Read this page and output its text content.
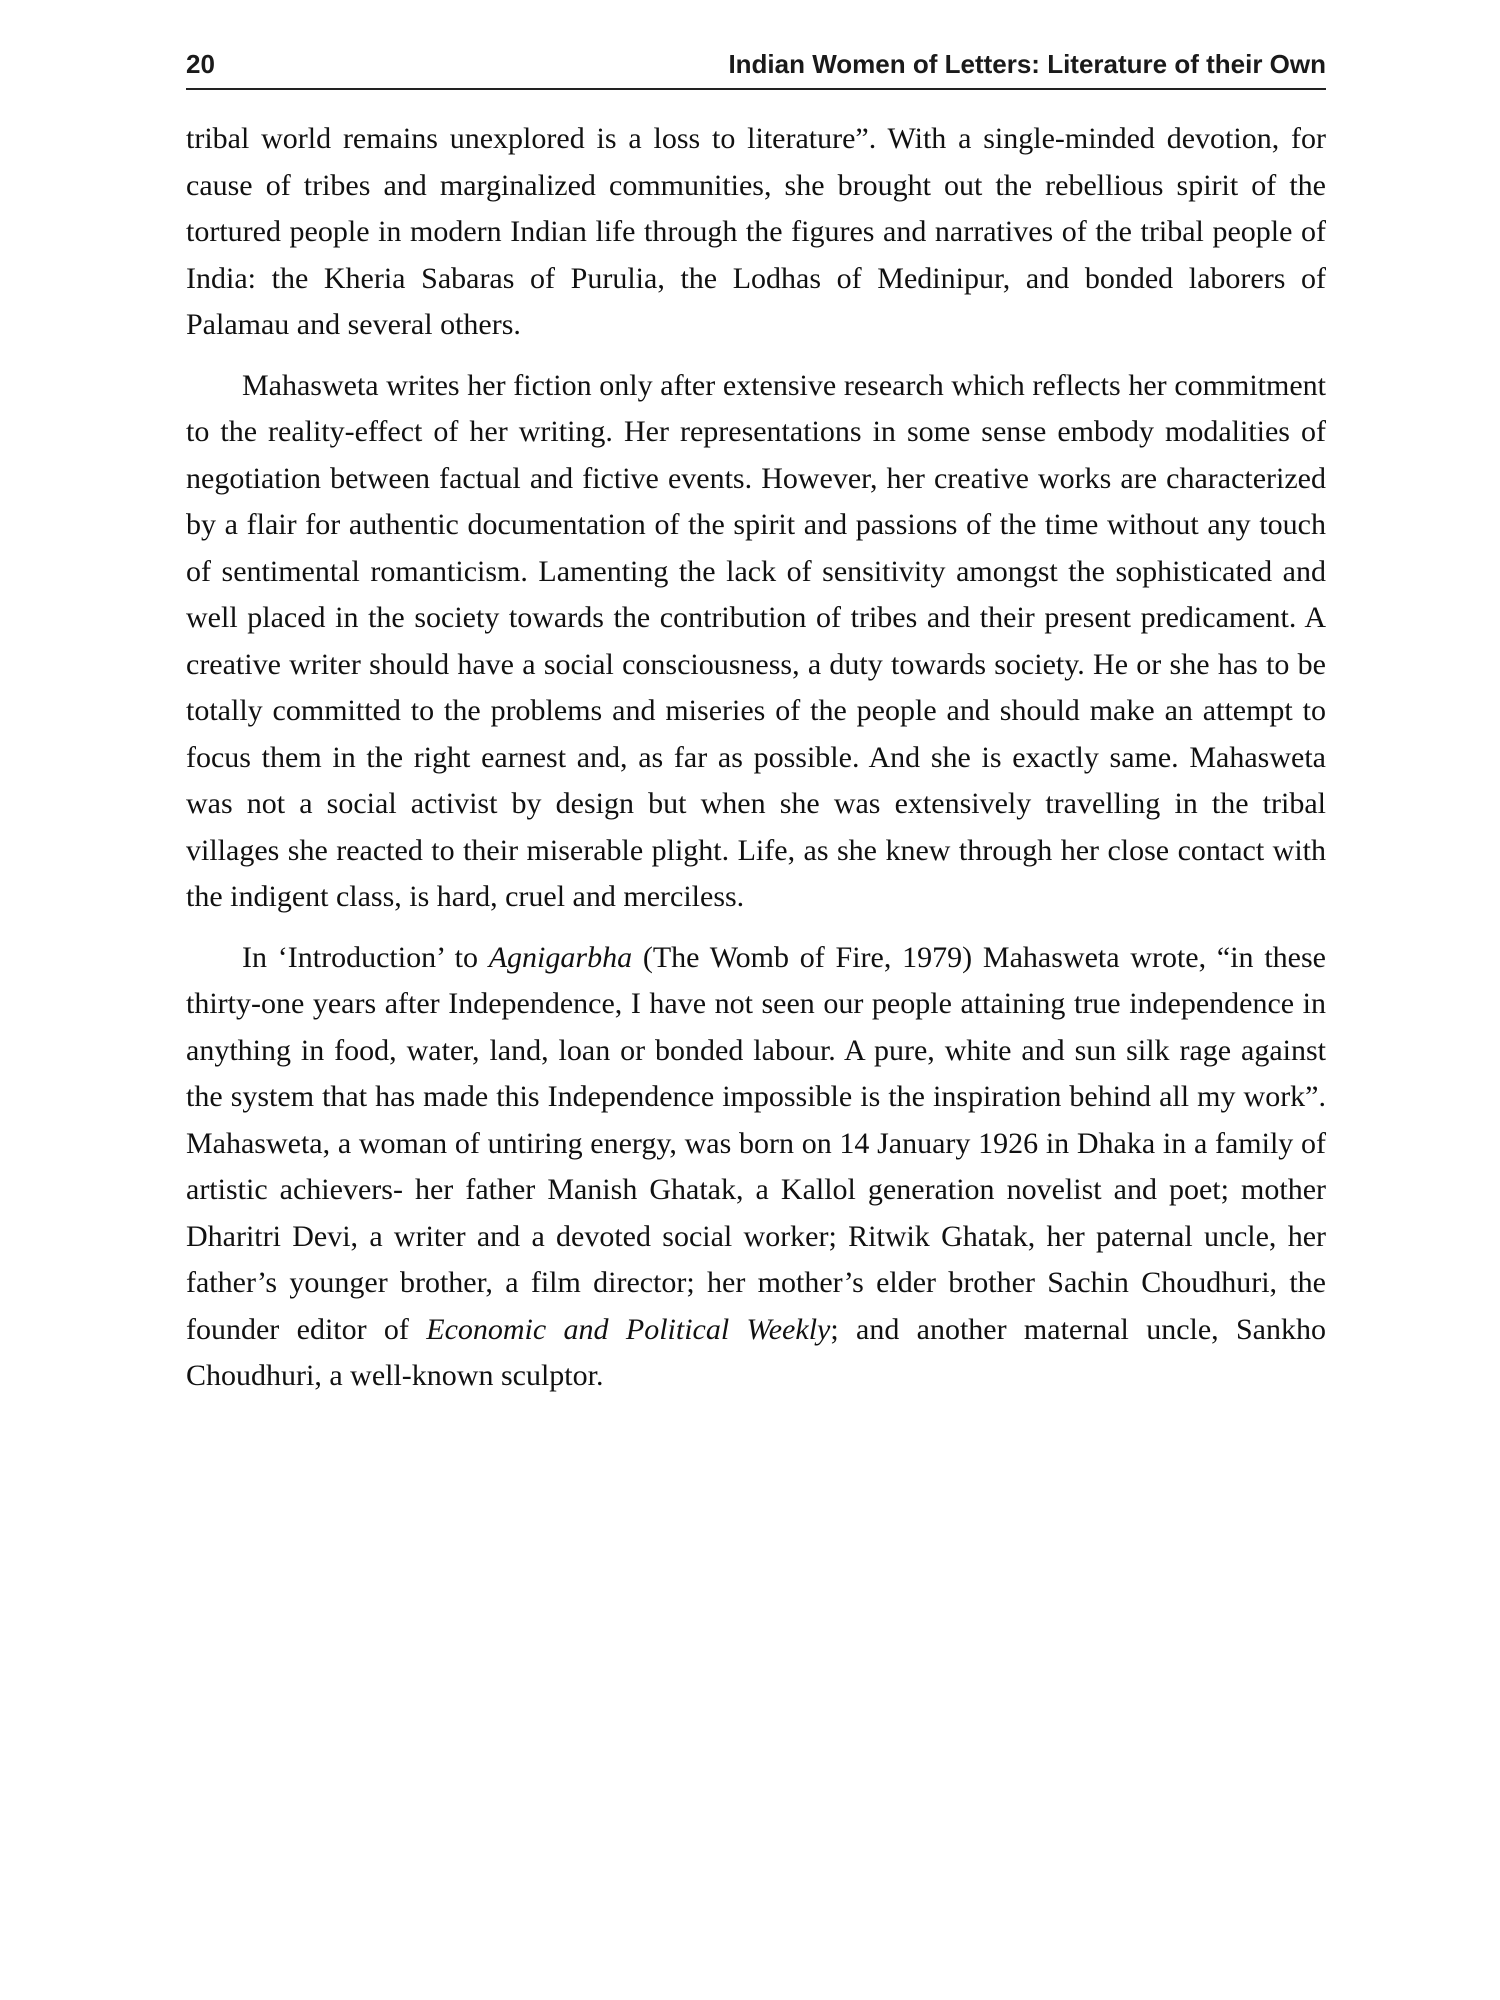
20	Indian Women of Letters: Literature of their Own

tribal world remains unexplored is a loss to literature”. With a single-minded devotion, for cause of tribes and marginalized communities, she brought out the rebellious spirit of the tortured people in modern Indian life through the figures and narratives of the tribal people of India: the Kheria Sabaras of Purulia, the Lodhas of Medinipur, and bonded laborers of Palamau and several others.

Mahasweta writes her fiction only after extensive research which reflects her commitment to the reality-effect of her writing. Her representations in some sense embody modalities of negotiation between factual and fictive events. However, her creative works are characterized by a flair for authentic documentation of the spirit and passions of the time without any touch of sentimental romanticism. Lamenting the lack of sensitivity amongst the sophisticated and well placed in the society towards the contribution of tribes and their present predicament. A creative writer should have a social consciousness, a duty towards society. He or she has to be totally committed to the problems and miseries of the people and should make an attempt to focus them in the right earnest and, as far as possible. And she is exactly same. Mahasweta was not a social activist by design but when she was extensively travelling in the tribal villages she reacted to their miserable plight. Life, as she knew through her close contact with the indigent class, is hard, cruel and merciless.

In ‘Introduction’ to Agnigarbha (The Womb of Fire, 1979) Mahasweta wrote, “in these thirty-one years after Independence, I have not seen our people attaining true independence in anything in food, water, land, loan or bonded labour. A pure, white and sun silk rage against the system that has made this Independence impossible is the inspiration behind all my work”. Mahasweta, a woman of untiring energy, was born on 14 January 1926 in Dhaka in a family of artistic achievers- her father Manish Ghatak, a Kallol generation novelist and poet; mother Dharitri Devi, a writer and a devoted social worker; Ritwik Ghatak, her paternal uncle, her father’s younger brother, a film director; her mother’s elder brother Sachin Choudhuri, the founder editor of Economic and Political Weekly; and another maternal uncle, Sankho Choudhuri, a well-known sculptor.
